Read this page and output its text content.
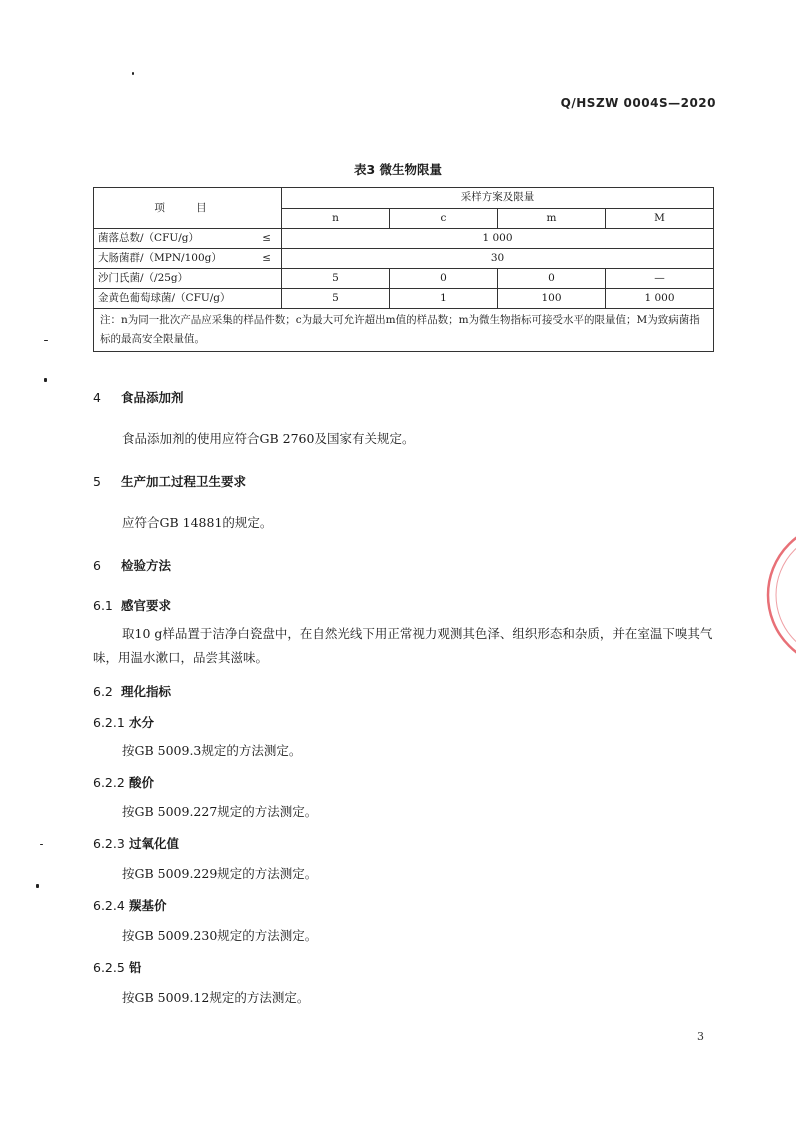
Q/HSZW 0004S—2020
表3 微生物限量
项 目	采样方案及限量			
	n	c	m	M
菌落总数/（CFU/g） ≤	1 000			
大肠菌群/（MPN/100g） ≤	30			
沙门氏菌/（/25g）	5	0	0	—
金黄色葡萄球菌/（CFU/g）	5	1	100	1 000
注：n为同一批次产品应采集的样品件数；c为最大可允许超出m值的样品数；m为微生物指标可接受水平的限量值；M为致病菌指标的最高安全限量值。				
4 食品添加剂
食品添加剂的使用应符合GB 2760及国家有关规定。
5 生产加工过程卫生要求
应符合GB 14881的规定。
6 检验方法
6.1 感官要求
取10 g样品置于洁净白瓷盘中，在自然光线下用正常视力观测其色泽、组织形态和杂质，并在室温下嗅其气味，用温水漱口，品尝其滋味。
6.2 理化指标
6.2.1 水分
按GB 5009.3规定的方法测定。
6.2.2 酸价
按GB 5009.227规定的方法测定。
6.2.3 过氧化值
按GB 5009.229规定的方法测定。
6.2.4 羰基价
按GB 5009.230规定的方法测定。
6.2.5 铅
按GB 5009.12规定的方法测定。
3
